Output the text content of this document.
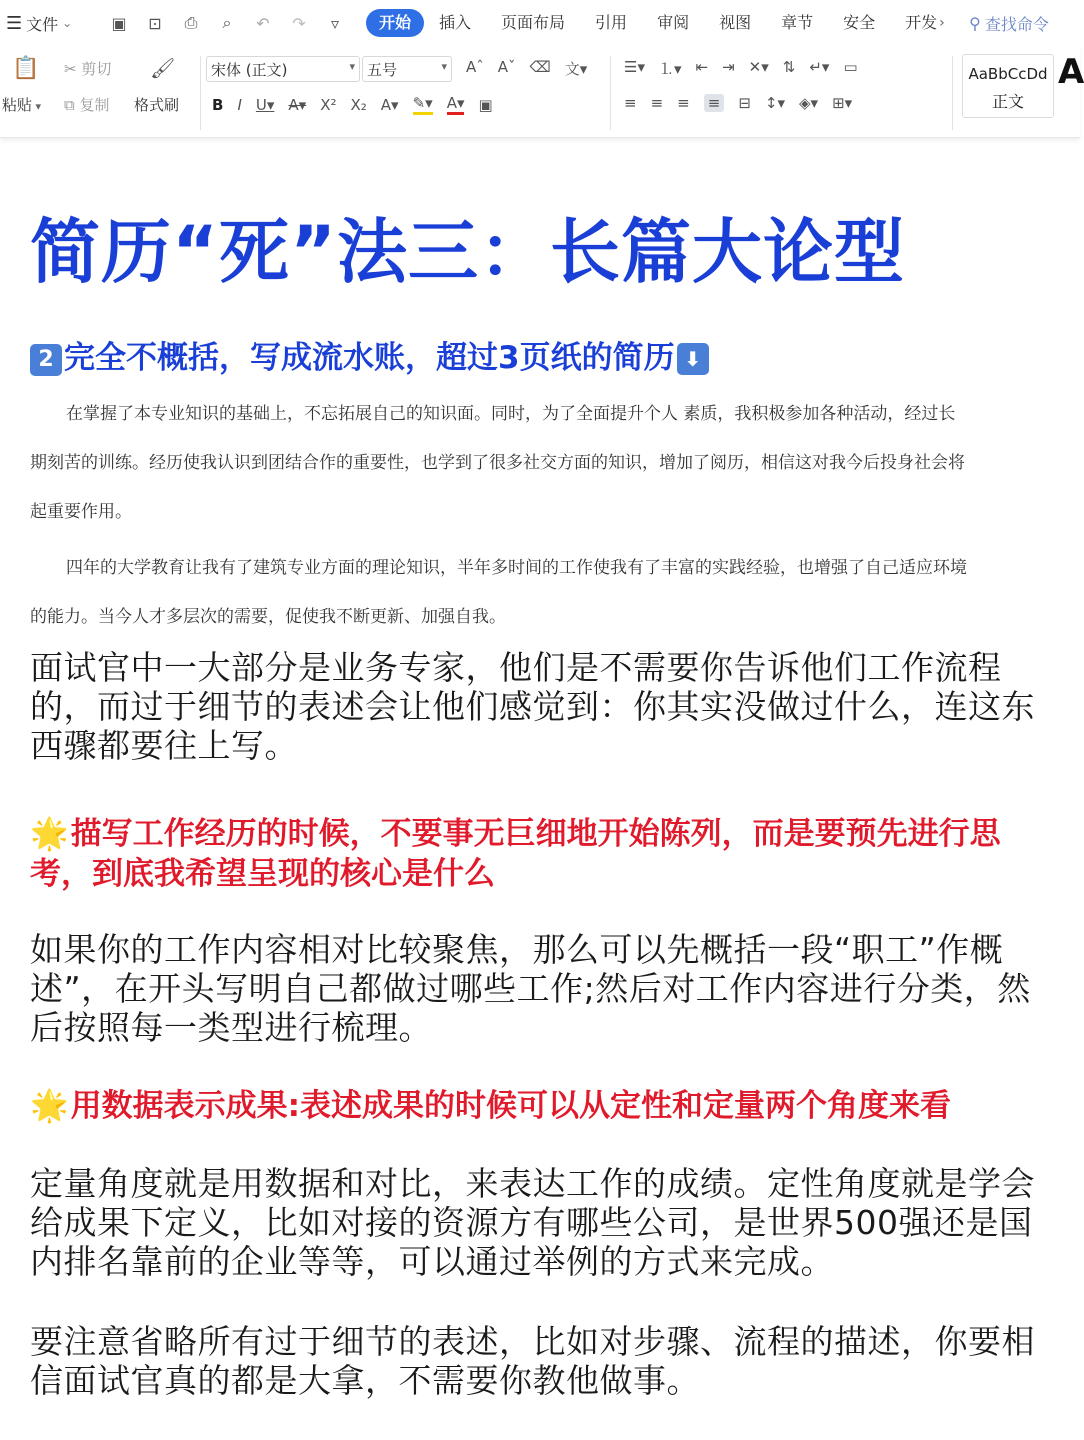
☰ 文件 ⌄ ▣ ⊡ ⎙	⌕	↶ ↷	▿	开始	插入	页面布局	引用	审阅	视图	章节	安全	开发 ›	⚲ 查找命令
📋
粘贴 ▾
✂ 剪切
⧉ 复制
🖌
格式刷
宋体 (正文)	▾ 五号	▾ Aˆ Aˇ ⌫ 文▾
B I U▾ A▾ X² X₂ A▾ ✎▾ A▾ ▣
☰▾ ⒈▾ ⇤ ⇥ ✕▾ ⇅ ↵▾ ▭
≡ ≡ ≡ ≡ ⊟ ↕▾ ◈▾ ⊞▾
AaBbCcDd
正文
A
简历“死”法三：长篇大论型
2 完全不概括，写成流水账，超过3页纸的简历 ⬇

在掌握了本专业知识的基础上，不忘拓展自己的知识面。同时，为了全面提升个人 素质，我积极参加各种活动，经过长期刻苦的训练。经历使我认识到团结合作的重要性，也学到了很多社交方面的知识，增加了阅历，相信这对我今后投身社会将 起重要作用。

四年的大学教育让我有了建筑专业方面的理论知识，半年多时间的工作使我有了丰富的实践经验，也增强了自己适应环境的能力。当今人才多层次的需要，促使我不断更新、加强自我。

面试官中一大部分是业务专家，他们是不需要你告诉他们工作流程的，而过于细节的表述会让他们感觉到：你其实没做过什么，连这东西骤都要往上写。
🌟描写工作经历的时候，不要事无巨细地开始陈列，而是要预先进行思考，到底我希望呈现的核心是什么
如果你的工作内容相对比较聚焦，那么可以先概括一段“职工”作概述”，在开头写明自己都做过哪些工作;然后对工作内容进行分类，然后按照每一类型进行梳理。
🌟用数据表示成果:表述成果的时候可以从定性和定量两个角度来看
定量角度就是用数据和对比，来表达工作的成绩。定性角度就是学会给成果下定义，比如对接的资源方有哪些公司，是世界500强还是国内排名靠前的企业等等，可以通过举例的方式来完成。
要注意省略所有过于细节的表述，比如对步骤、流程的描述，你要相信面试官真的都是大拿，不需要你教他做事。
